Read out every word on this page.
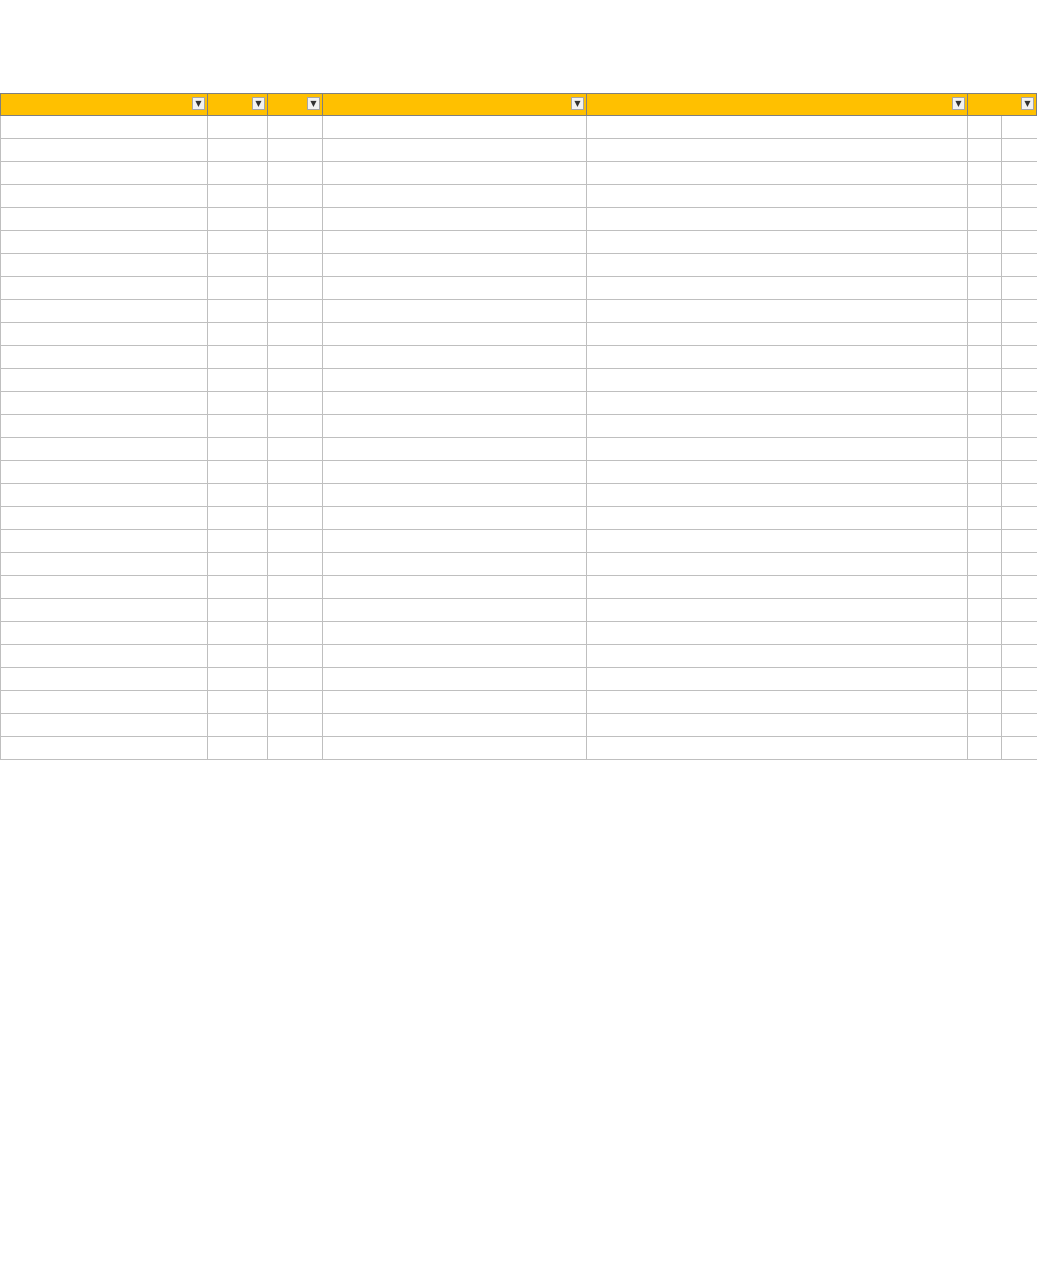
▼	▼	▼	▼	▼	▼	
